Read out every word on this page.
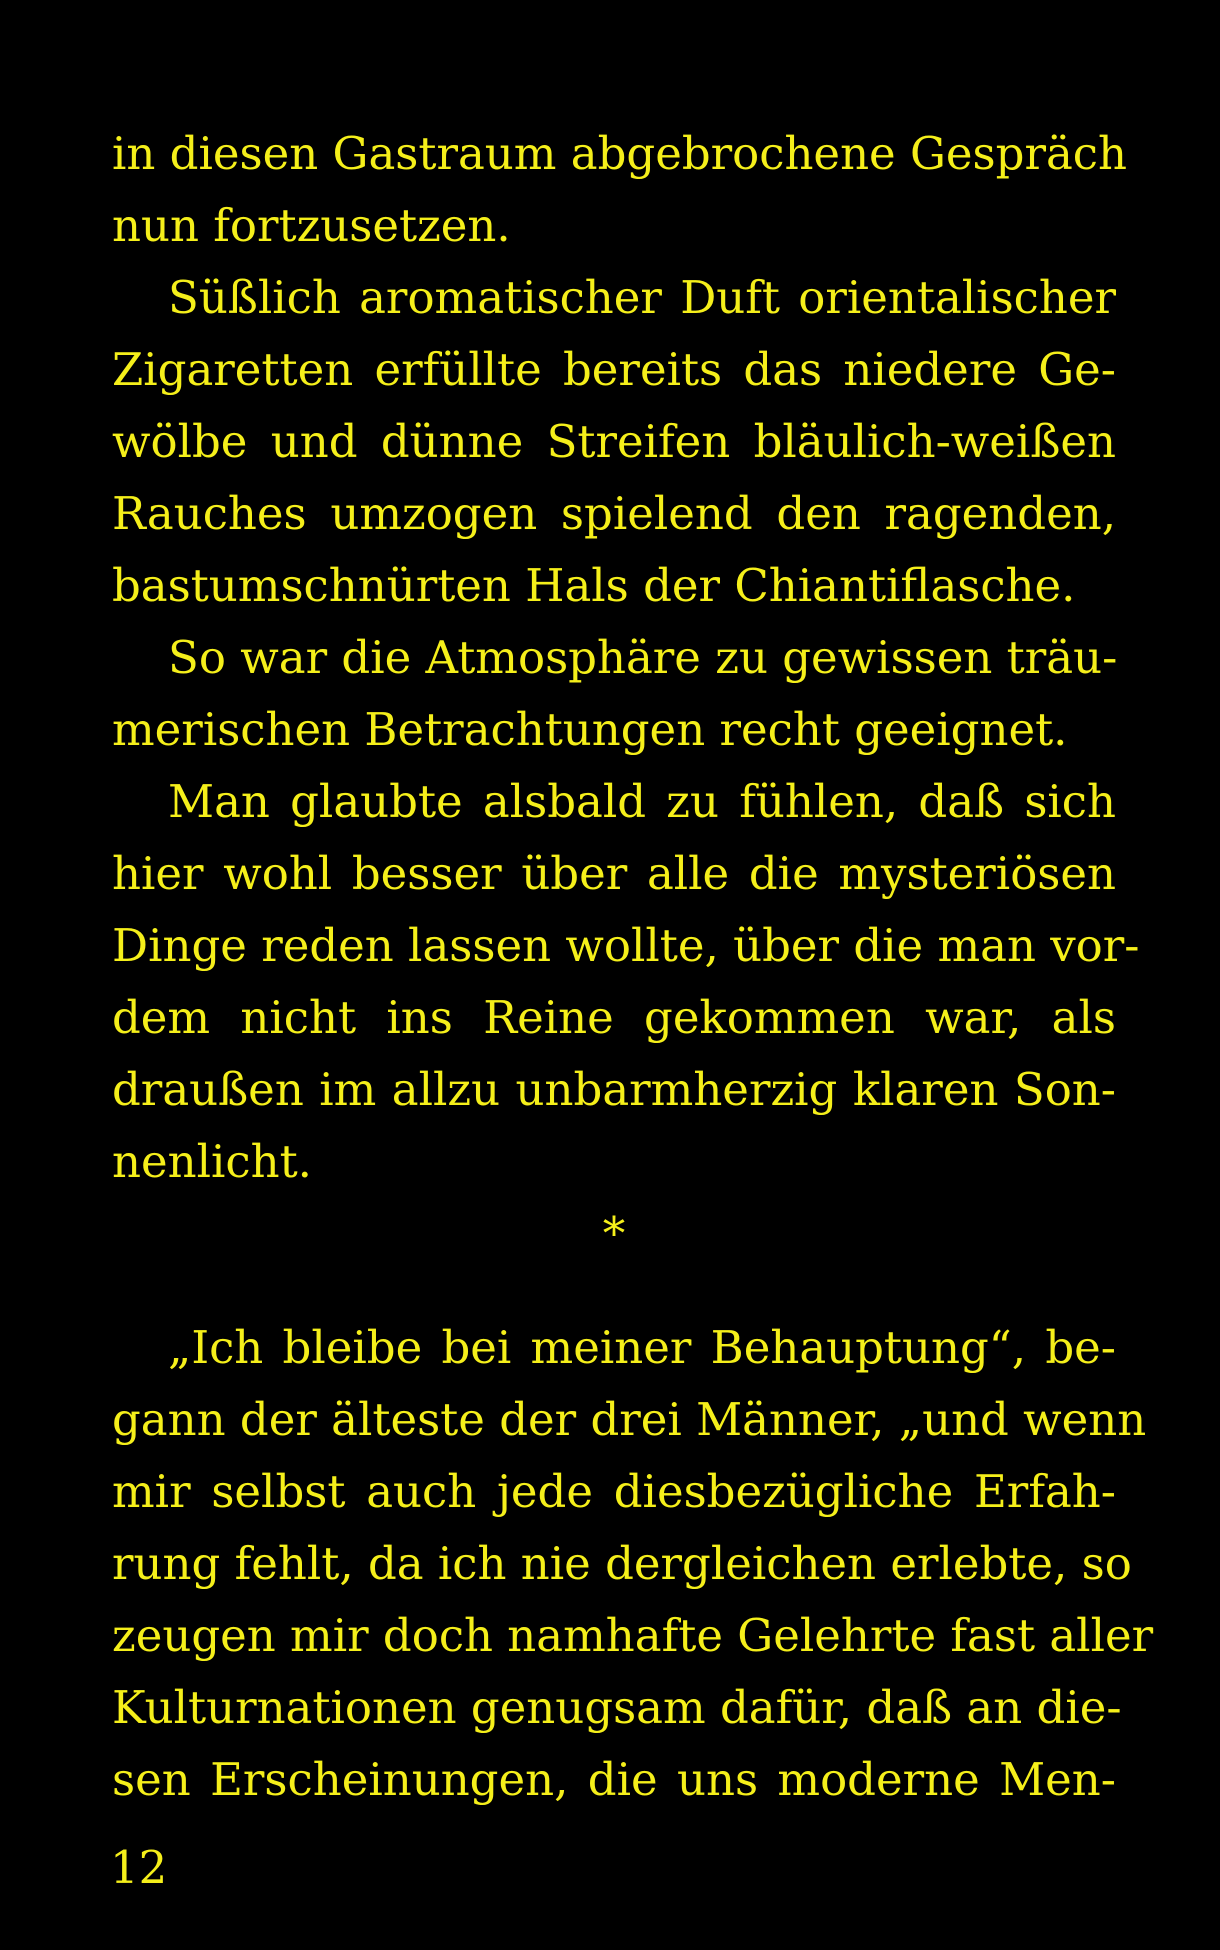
in diesen Gastraum abgebrochene Gespräch
nun fortzusetzen.
Süßlich aromatischer Duft orientalischer
Zigaretten erfüllte bereits das niedere Ge-
wölbe und dünne Streifen bläulich-weißen
Rauches umzogen spielend den ragenden,
bastumschnürten Hals der Chiantiflasche.
So war die Atmosphäre zu gewissen träu-
merischen Betrachtungen recht geeignet.
Man glaubte alsbald zu fühlen, daß sich
hier wohl besser über alle die mysteriösen
Dinge reden lassen wollte, über die man vor-
dem nicht ins Reine gekommen war, als
draußen im allzu unbarmherzig klaren Son-
nenlicht.
*
„Ich bleibe bei meiner Behauptung“, be-
gann der älteste der drei Männer, „und wenn
mir selbst auch jede diesbezügliche Erfah-
rung fehlt, da ich nie dergleichen erlebte, so
zeugen mir doch namhafte Gelehrte fast aller
Kulturnationen genugsam dafür, daß an die-
sen Erscheinungen, die uns moderne Men-
12
